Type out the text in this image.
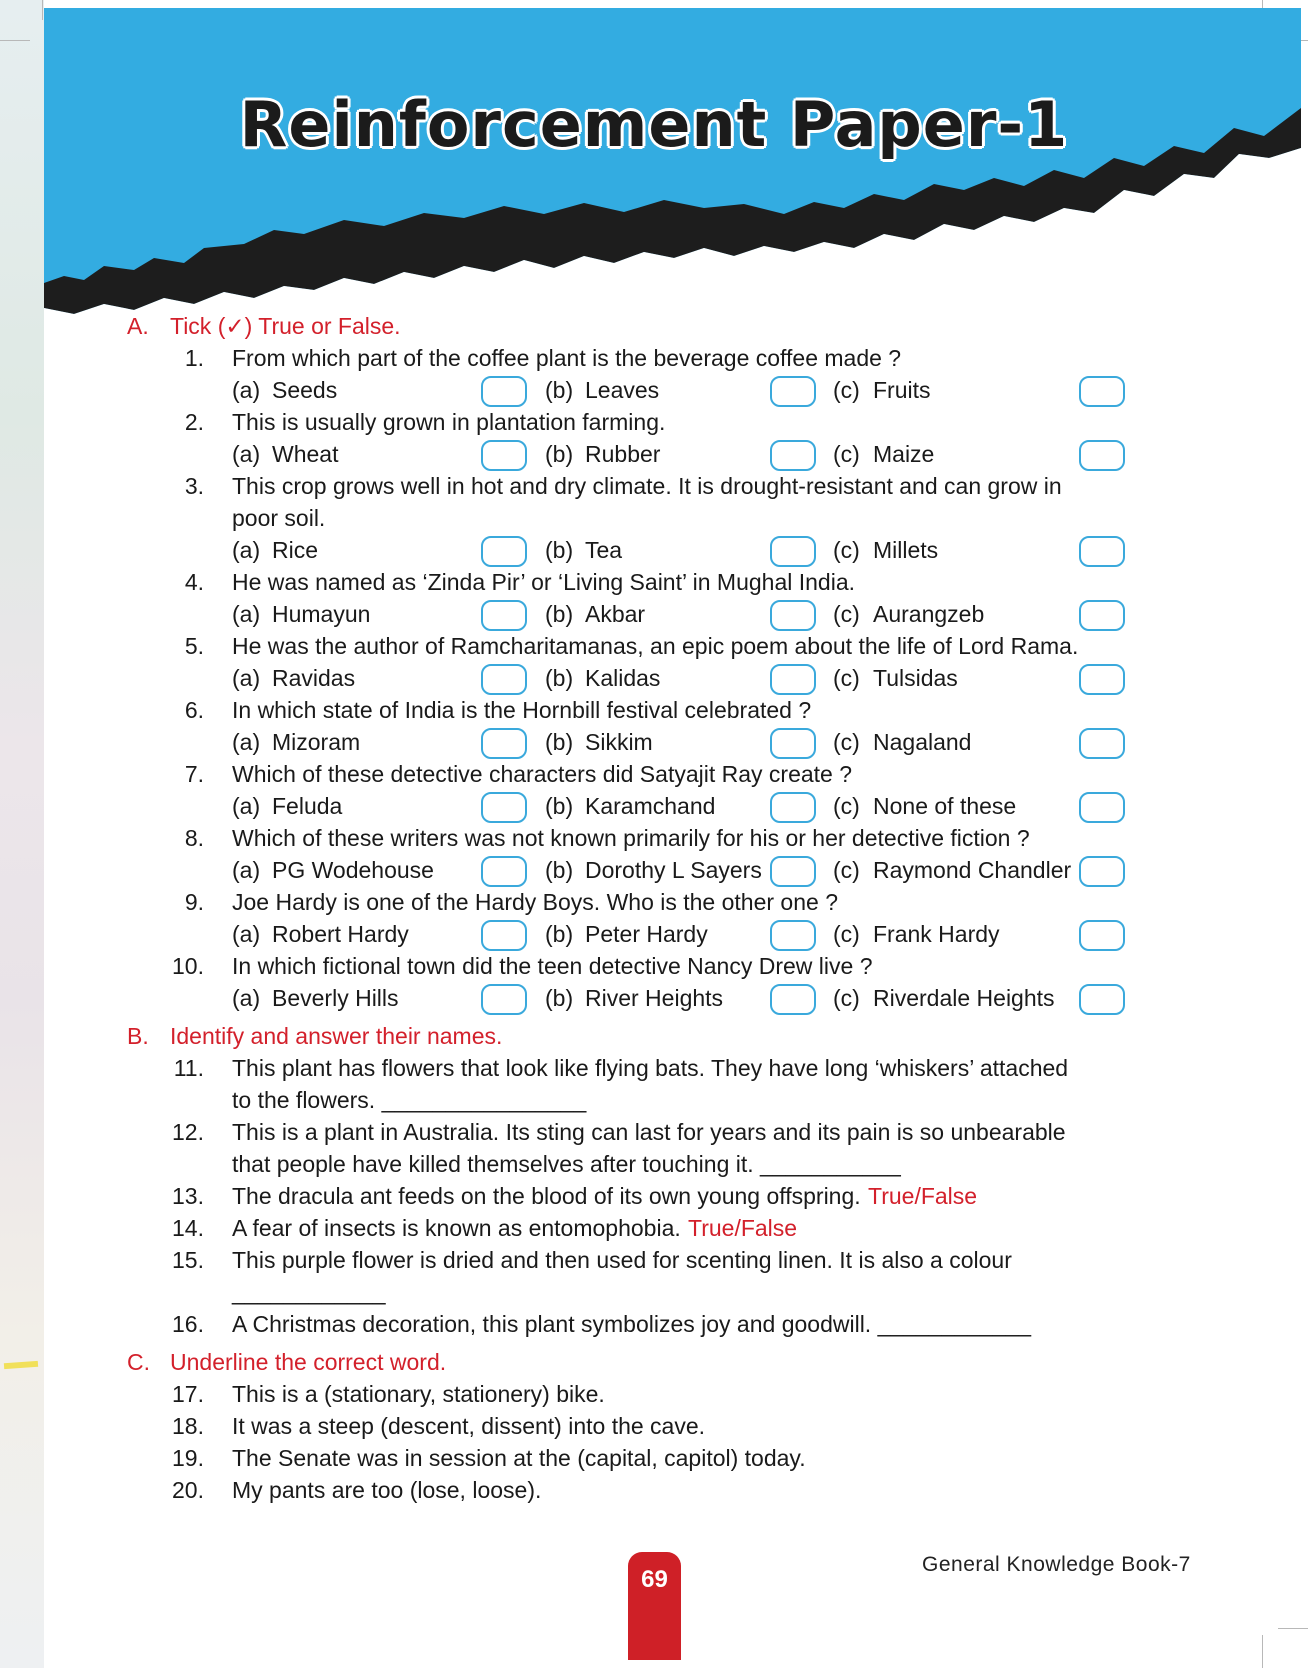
Reinforcement Paper-1
A. Tick (✓) True or False.
1. From which part of the coffee plant is the beverage coffee made ?
(a) Seeds	(b) Leaves	(c) Fruits
2. This is usually grown in plantation farming.
(a) Wheat	(b) Rubber	(c) Maize
3. This crop grows well in hot and dry climate. It is drought-resistant and can grow in
poor soil.
(a) Rice	(b) Tea	(c) Millets
4. He was named as ‘Zinda Pir’ or ‘Living Saint’ in Mughal India.
(a) Humayun	(b) Akbar	(c) Aurangzeb
5. He was the author of Ramcharitamanas, an epic poem about the life of Lord Rama.
(a) Ravidas	(b) Kalidas	(c) Tulsidas
6. In which state of India is the Hornbill festival celebrated ?
(a) Mizoram	(b) Sikkim	(c) Nagaland
7. Which of these detective characters did Satyajit Ray create ?
(a) Feluda	(b) Karamchand	(c) None of these
8. Which of these writers was not known primarily for his or her detective fiction ?
(a) PG Wodehouse	(b) Dorothy L Sayers	(c) Raymond Chandler
9. Joe Hardy is one of the Hardy Boys. Who is the other one ?
(a) Robert Hardy	(b) Peter Hardy	(c) Frank Hardy
10. In which fictional town did the teen detective Nancy Drew live ?
(a) Beverly Hills	(b) River Heights	(c) Riverdale Heights
B. Identify and answer their names.
11. This plant has flowers that look like flying bats. They have long ‘whiskers’ attached
to the flowers. ________________
12. This is a plant in Australia. Its sting can last for years and its pain is so unbearable
that people have killed themselves after touching it. ___________
13. The dracula ant feeds on the blood of its own young offspring. True/False
14. A fear of insects is known as entomophobia. True/False
15. This purple flower is dried and then used for scenting linen. It is also a colour
____________
16. A Christmas decoration, this plant symbolizes joy and goodwill. ____________
C. Underline the correct word.
17. This is a (stationary, stationery) bike.
18. It was a steep (descent, dissent) into the cave.
19. The Senate was in session at the (capital, capitol) today.
20. My pants are too (lose, loose).
69
General Knowledge Book-7
